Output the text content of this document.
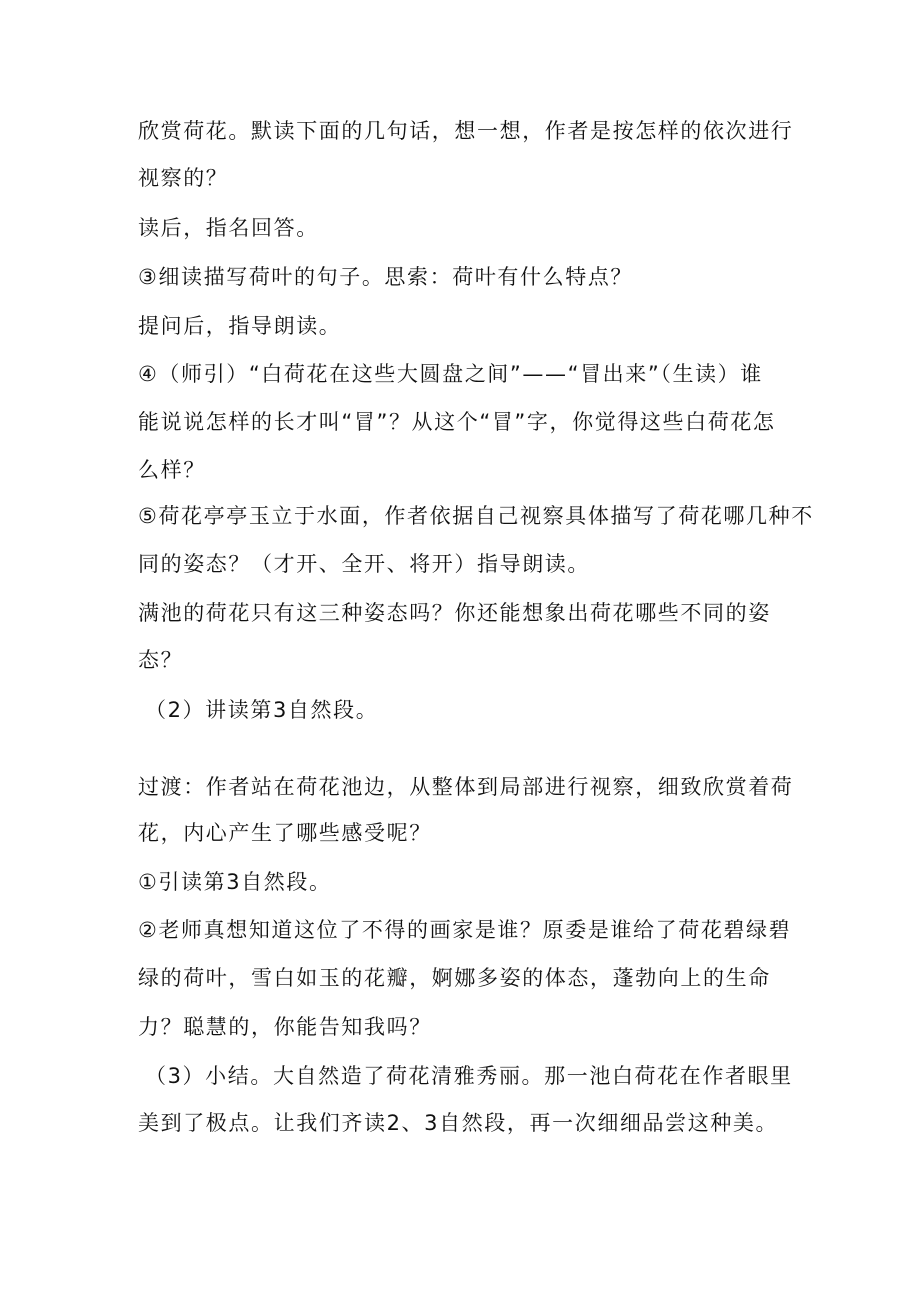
欣赏荷花。默读下面的几句话，想一想，作者是按怎样的依次进行
视察的？
读后，指名回答。
③细读描写荷叶的句子。思索：荷叶有什么特点？
提问后，指导朗读。
④（师引）“白荷花在这些大圆盘之间”——“冒出来”（生读）谁
能说说怎样的长才叫“冒”？从这个“冒”字，你觉得这些白荷花怎
么样？
⑤荷花亭亭玉立于水面，作者依据自己视察具体描写了荷花哪几种不
同的姿态？（才开、全开、将开）指导朗读。
满池的荷花只有这三种姿态吗？你还能想象出荷花哪些不同的姿
态？
（2）讲读第3自然段。
过渡：作者站在荷花池边，从整体到局部进行视察，细致欣赏着荷
花，内心产生了哪些感受呢？
①引读第3自然段。
②老师真想知道这位了不得的画家是谁？原委是谁给了荷花碧绿碧
绿的荷叶，雪白如玉的花瓣，婀娜多姿的体态，蓬勃向上的生命
力？聪慧的，你能告知我吗？
（3）小结。大自然造了荷花清雅秀丽。那一池白荷花在作者眼里
美到了极点。让我们齐读2、3自然段，再一次细细品尝这种美。
